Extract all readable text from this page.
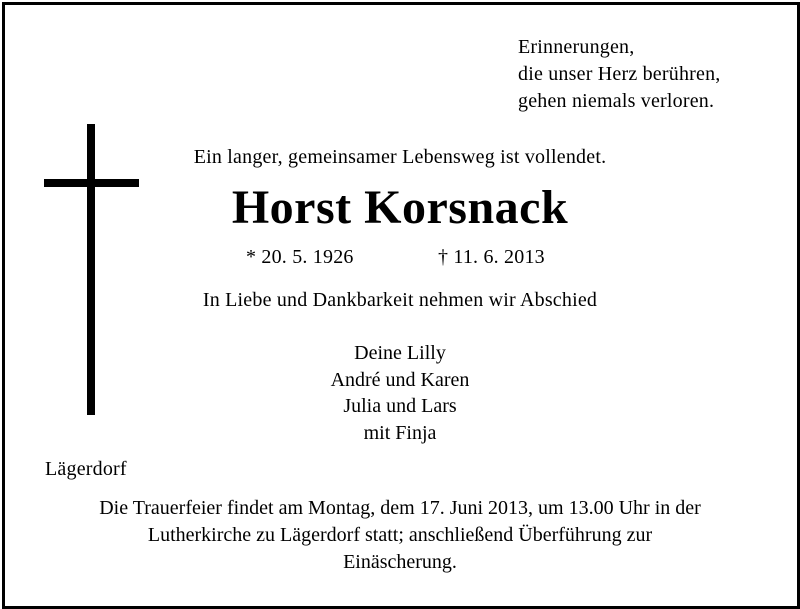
Erinnerungen,
die unser Herz berühren,
gehen niemals verloren.
Ein langer, gemeinsamer Lebensweg ist vollendet.
Horst Korsnack
* 20. 5. 1926	† 11. 6. 2013
In Liebe und Dankbarkeit nehmen wir Abschied
Deine Lilly
André und Karen
Julia und Lars
mit Finja
Lägerdorf
Die Trauerfeier findet am Montag, dem 17. Juni 2013, um 13.00 Uhr in der
Lutherkirche zu Lägerdorf statt; anschließend Überführung zur
Einäscherung.
